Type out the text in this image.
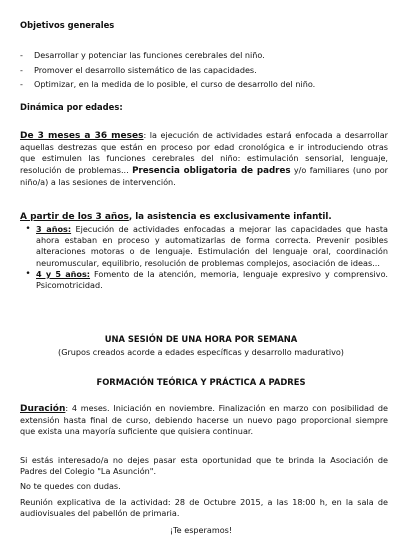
Objetivos generales
-	Desarrollar y potenciar las funciones cerebrales del niño.
-	Promover el desarrollo sistemático de las capacidades.
-	Optimizar, en la medida de lo posible, el curso de desarrollo del niño.
Dinámica por edades:
De 3 meses a 36 meses: la ejecución de actividades estará enfocada a desarrollar aquellas destrezas que están en proceso por edad cronológica e ir introduciendo otras que estimulen las funciones cerebrales del niño: estimulación sensorial, lenguaje, resolución de problemas... Presencia obligatoria de padres y/o familiares (uno por niño/a) a las sesiones de intervención.
A partir de los 3 años, la asistencia es exclusivamente infantil.
• 3 años: Ejecución de actividades enfocadas a mejorar las capacidades que hasta ahora estaban en proceso y automatizarlas de forma correcta. Prevenir posibles alteraciones motoras o de lenguaje. Estimulación del lenguaje oral, coordinación neuromuscular, equilibrio, resolución de problemas complejos, asociación de ideas...
• 4 y 5 años: Fomento de la atención, memoria, lenguaje expresivo y comprensivo. Psicomotricidad.
UNA SESIÓN DE UNA HORA POR SEMANA
(Grupos creados acorde a edades específicas y desarrollo madurativo)
FORMACIÓN TEÓRICA Y PRÁCTICA A PADRES
Duración: 4 meses. Iniciación en noviembre. Finalización en marzo con posibilidad de extensión hasta final de curso, debiendo hacerse un nuevo pago proporcional siempre que exista una mayoría suficiente que quisiera continuar.
Si estás interesado/a no dejes pasar esta oportunidad que te brinda la Asociación de Padres del Colegio "La Asunción".
No te quedes con dudas.
Reunión explicativa de la actividad: 28 de Octubre 2015, a las 18:00 h, en la sala de audiovisuales del pabellón de primaria.
¡Te esperamos!
